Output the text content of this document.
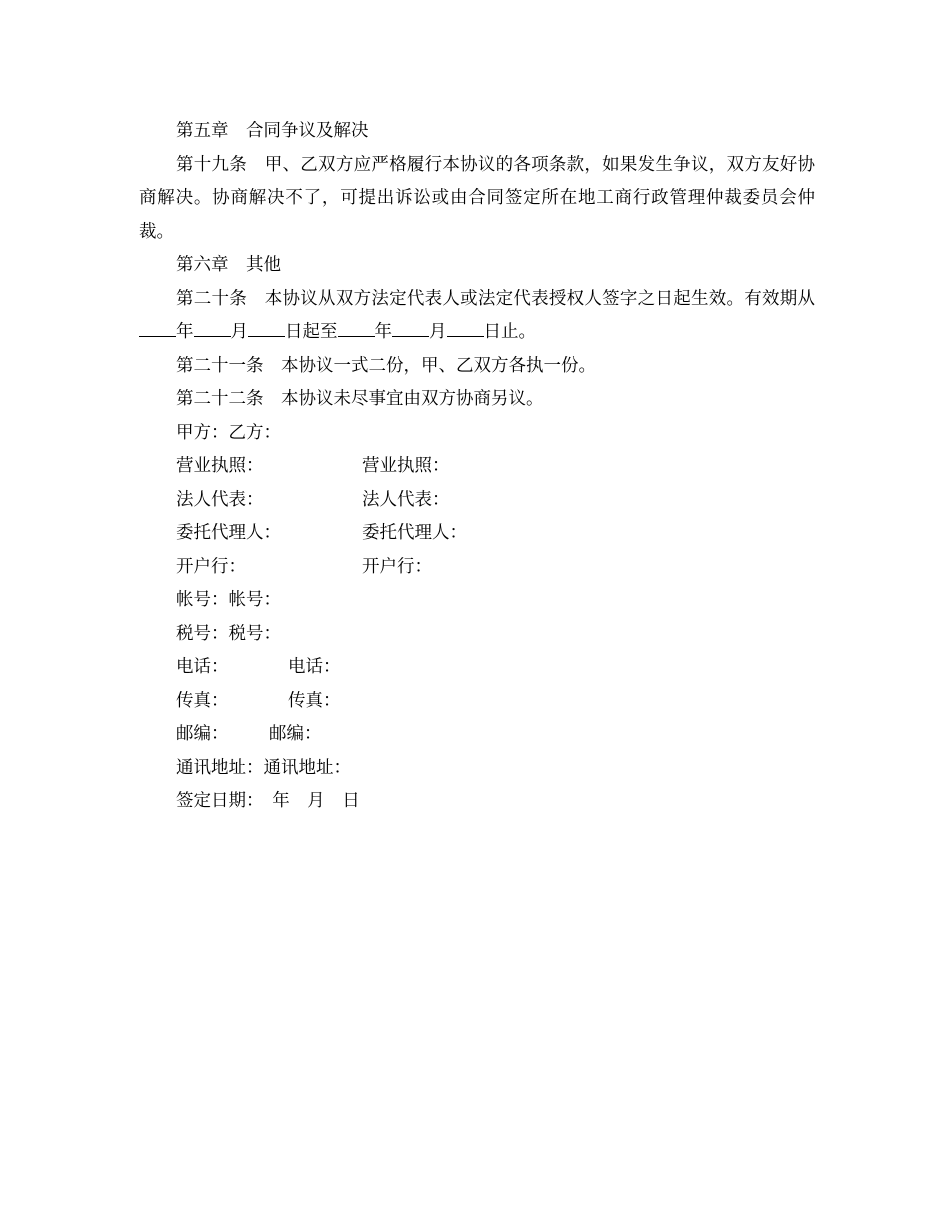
第五章　合同争议及解决

第十九条　甲、乙双方应严格履行本协议的各项条款，如果发生争议，双方友好协商解决。协商解决不了，可提出诉讼或由合同签定所在地工商行政管理仲裁委员会仲裁。

第六章　其他

第二十条　本协议从双方法定代表人或法定代表授权人签字之日起生效。有效期从年 月 日起至 年 月 日止。

第二十一条　本协议一式二份，甲、乙双方各执一份。

第二十二条　本协议未尽事宜由双方协商另议。

甲方：乙方：

营业执照：	营业执照：

法人代表：	法人代表：

委托代理人：	委托代理人：

开户行：	开户行：

帐号：帐号：

税号：税号：

电话：	电话：

传真：	传真：

邮编： 邮编：

通讯地址：通讯地址：

签定日期：　年　月　日
